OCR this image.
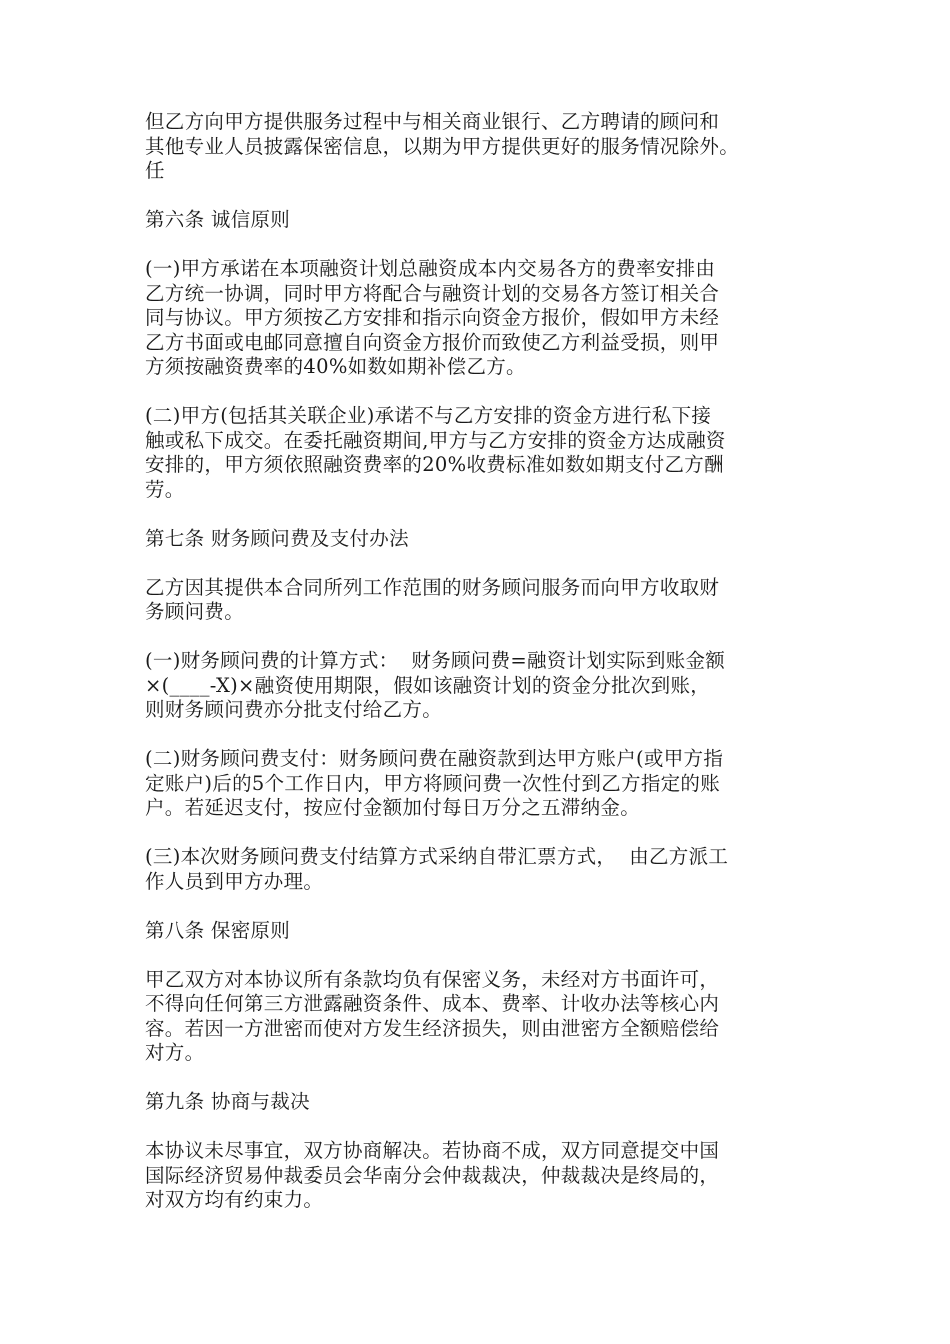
但乙方向甲方提供服务过程中与相关商业银行、乙方聘请的顾问和
其他专业人员披露保密信息，以期为甲方提供更好的服务情况除外。
任
第六条 诚信原则
(一)甲方承诺在本项融资计划总融资成本内交易各方的费率安排由
乙方统一协调，同时甲方将配合与融资计划的交易各方签订相关合
同与协议。甲方须按乙方安排和指示向资金方报价，假如甲方未经
乙方书面或电邮同意擅自向资金方报价而致使乙方利益受损，则甲
方须按融资费率的40%如数如期补偿乙方。
(二)甲方(包括其关联企业)承诺不与乙方安排的资金方进行私下接
触或私下成交。在委托融资期间,甲方与乙方安排的资金方达成融资
安排的，甲方须依照融资费率的20%收费标准如数如期支付乙方酬
劳。
第七条 财务顾问费及支付办法
乙方因其提供本合同所列工作范围的财务顾问服务而向甲方收取财
务顾问费。
(一)财务顾问费的计算方式：  财务顾问费=融资计划实际到账金额
×(____-X)×融资使用期限，假如该融资计划的资金分批次到账，
则财务顾问费亦分批支付给乙方。
(二)财务顾问费支付：财务顾问费在融资款到达甲方账户(或甲方指
定账户)后的5个工作日内，甲方将顾问费一次性付到乙方指定的账
户。若延迟支付，按应付金额加付每日万分之五滞纳金。
(三)本次财务顾问费支付结算方式采纳自带汇票方式，  由乙方派工
作人员到甲方办理。
第八条 保密原则
甲乙双方对本协议所有条款均负有保密义务，未经对方书面许可，
不得向任何第三方泄露融资条件、成本、费率、计收办法等核心内
容。若因一方泄密而使对方发生经济损失，则由泄密方全额赔偿给
对方。
第九条 协商与裁决
本协议未尽事宜，双方协商解决。若协商不成，双方同意提交中国
国际经济贸易仲裁委员会华南分会仲裁裁决，仲裁裁决是终局的，
对双方均有约束力。
